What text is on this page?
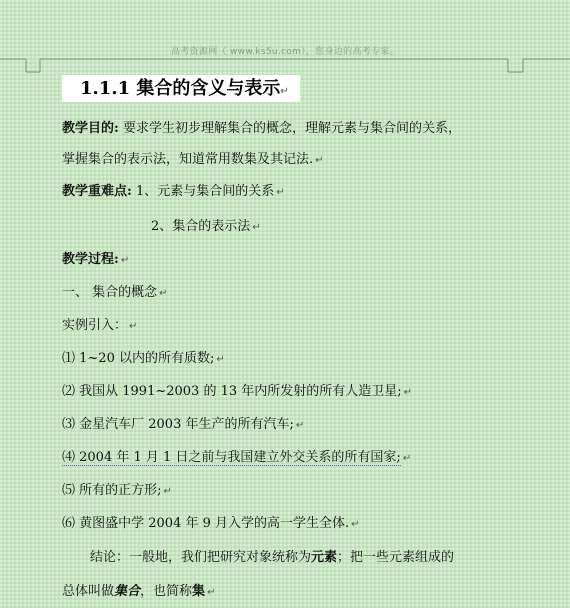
高考资源网（ www.ks5u.com），您身边的高考专家。
1.1.1 集合的含义与表示↵
教学目的: 要求学生初步理解集合的概念，理解元素与集合间的关系，
掌握集合的表示法，知道常用数集及其记法. ↵
教学重难点: 1、元素与集合间的关系 ↵
2、集合的表示法 ↵
教学过程: ↵
一、 集合的概念 ↵
实例引入： ↵
⑴ 1~20 以内的所有质数; ↵
⑵ 我国从 1991~2003 的 13 年内所发射的所有人造卫星; ↵
⑶ 金星汽车厂 2003 年生产的所有汽车; ↵
⑷ 2004 年 1 月 1 日之前与我国建立外交关系的所有国家; ↵
⑸ 所有的正方形; ↵
⑹ 黄图盛中学 2004 年 9 月入学的高一学生全体. ↵
结论：一般地，我们把研究对象统称为元素；把一些元素组成的
总体叫做集合，也简称集 ↵
